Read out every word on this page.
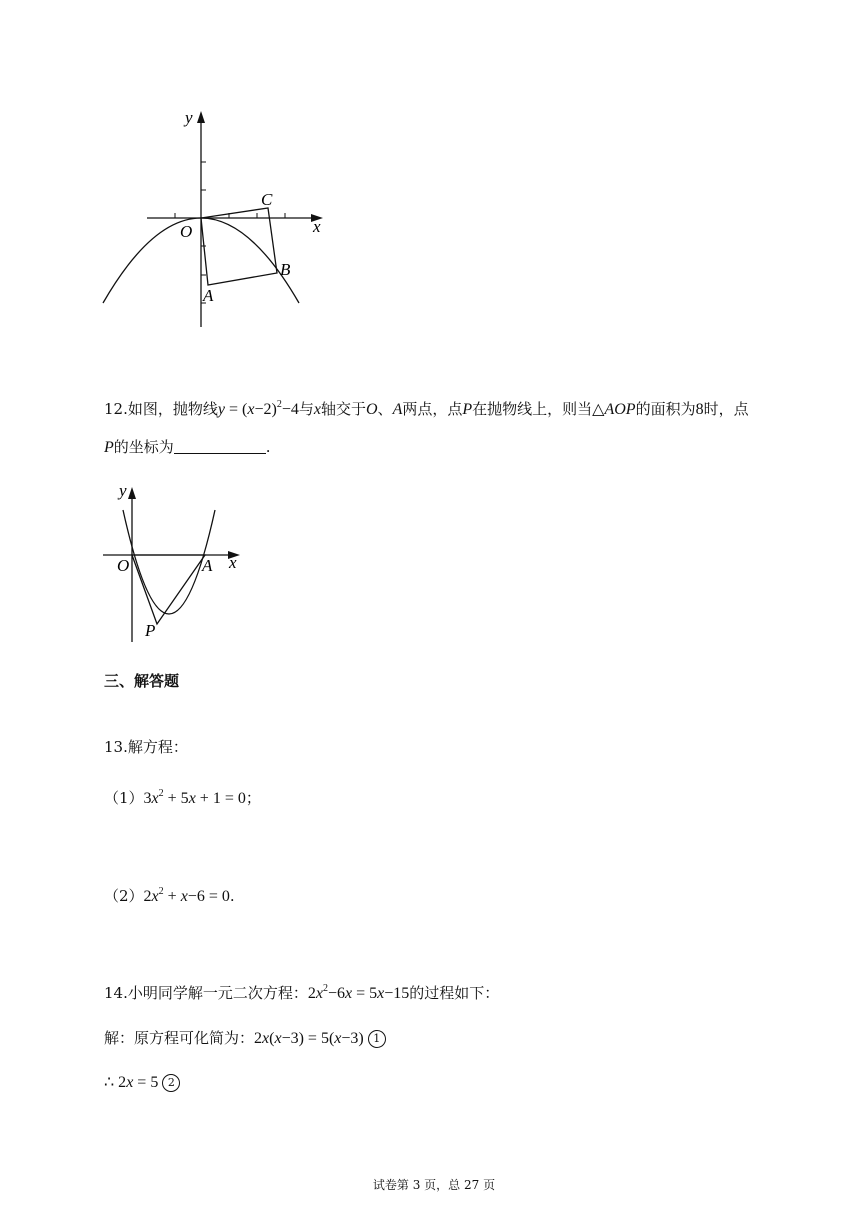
y
x
O
A
B
C
12.如图，抛物线$y = (x-2)^2-4$与x轴交于O、A两点，点P在抛物线上，则当△AOP的面积为8时，点
P的坐标为	.
y
x
O	A
P
三、解答题
13.解方程：
$(1)3x^2 + 5x + 1 = 0$；
$(2)2x^2 + x-6 = 0$.
14.小明同学解一元二次方程：$2x^2-6x = 5x-15$的过程如下：
解：原方程可化简为：2x(x−3) = 5(x−3) 1
∴ 2x = 5 2
试卷第 3 页，总 27 页
